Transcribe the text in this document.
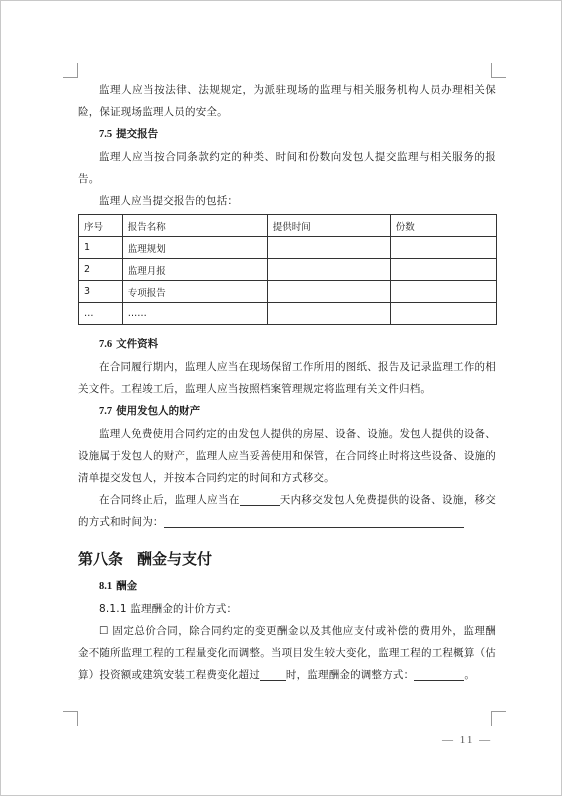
监理人应当按法律、法规规定，为派驻现场的监理与相关服务机构人员办理相关保险，保证现场监理人员的安全。

7.5 提交报告

监理人应当按合同条款约定的种类、时间和份数向发包人提交监理与相关服务的报告。

监理人应当提交报告的包括：

序号	报告名称	提供时间	份数
1	监理规划		
2	监理月报		
3	专项报告		
…	……		

7.6 文件资料

在合同履行期内，监理人应当在现场保留工作所用的图纸、报告及记录监理工作的相关文件。工程竣工后，监理人应当按照档案管理规定将监理有关文件归档。

7.7 使用发包人的财产

监理人免费使用合同约定的由发包人提供的房屋、设备、设施。发包人提供的设备、设施属于发包人的财产，监理人应当妥善使用和保管，在合同终止时将这些设备、设施的清单提交发包人，并按本合同约定的时间和方式移交。

在合同终止后，监理人应当在	天内移交发包人免费提供的设备、设施，移交的方式和时间为：

第八条 酬金与支付

8.1 酬金

8.1.1 监理酬金的计价方式：

☐ 固定总价合同，除合同约定的变更酬金以及其他应支付或补偿的费用外，监理酬金不随所监理工程的工程量变化而调整。当项目发生较大变化，监理工程的工程概算（估算）投资额或建筑安装工程费变化超过 时，监理酬金的调整方式：	。

— 11 —
